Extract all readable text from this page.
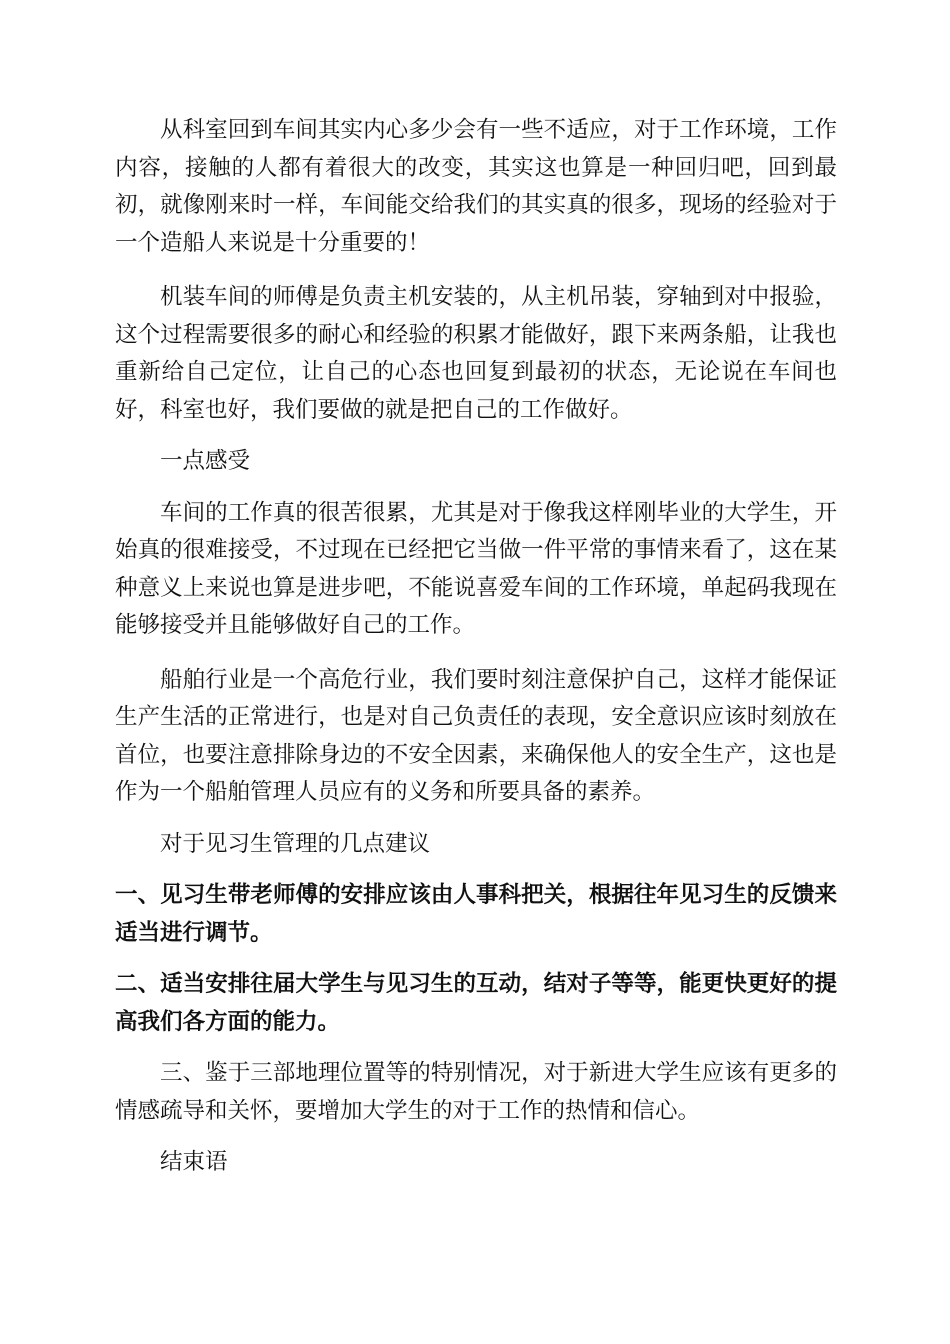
从科室回到车间其实内心多少会有一些不适应，对于工作环境，工作内容，接触的人都有着很大的改变，其实这也算是一种回归吧，回到最初，就像刚来时一样，车间能交给我们的其实真的很多，现场的经验对于一个造船人来说是十分重要的！

机装车间的师傅是负责主机安装的，从主机吊装，穿轴到对中报验，这个过程需要很多的耐心和经验的积累才能做好，跟下来两条船，让我也重新给自己定位，让自己的心态也回复到最初的状态，无论说在车间也好，科室也好，我们要做的就是把自己的工作做好。

一点感受

车间的工作真的很苦很累，尤其是对于像我这样刚毕业的大学生，开始真的很难接受，不过现在已经把它当做一件平常的事情来看了，这在某种意义上来说也算是进步吧，不能说喜爱车间的工作环境，单起码我现在能够接受并且能够做好自己的工作。

船舶行业是一个高危行业，我们要时刻注意保护自己，这样才能保证生产生活的正常进行，也是对自己负责任的表现，安全意识应该时刻放在首位，也要注意排除身边的不安全因素，来确保他人的安全生产，这也是作为一个船舶管理人员应有的义务和所要具备的素养。

对于见习生管理的几点建议

一、见习生带老师傅的安排应该由人事科把关，根据往年见习生的反馈来适当进行调节。

二、适当安排往届大学生与见习生的互动，结对子等等，能更快更好的提高我们各方面的能力。

三、鉴于三部地理位置等的特别情况，对于新进大学生应该有更多的情感疏导和关怀，要增加大学生的对于工作的热情和信心。

结束语
